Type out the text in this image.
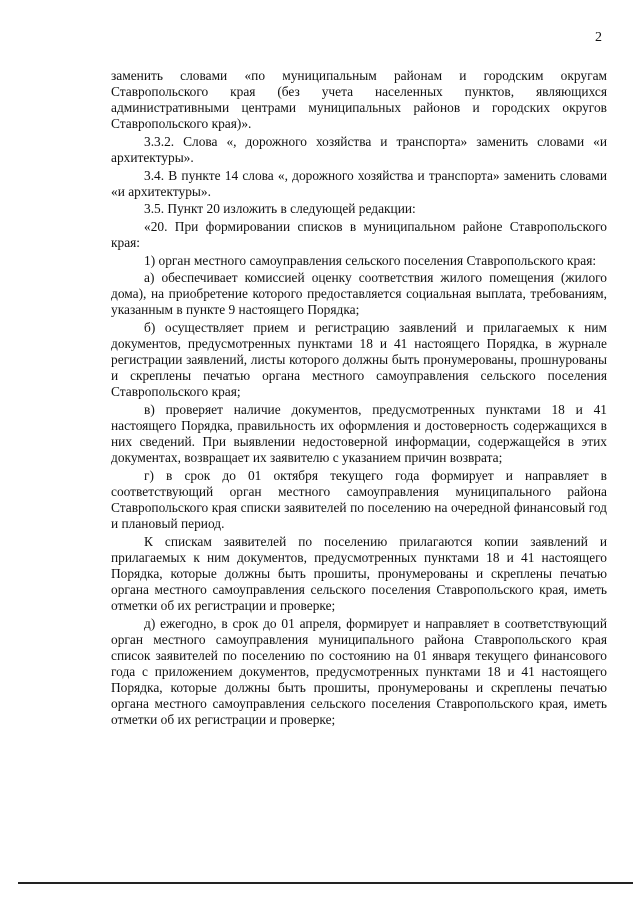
2

заменить словами «по муниципальным районам и городским округам Ставропольского края (без учета населенных пунктов, являющихся административными центрами муниципальных районов и городских округов Ставропольского края)».

3.3.2. Слова «, дорожного хозяйства и транспорта» заменить словами «и архитектуры».

3.4. В пункте 14 слова «, дорожного хозяйства и транспорта» заменить словами «и архитектуры».

3.5. Пункт 20 изложить в следующей редакции:

«20. При формировании списков в муниципальном районе Ставропольского края:

1) орган местного самоуправления сельского поселения Ставропольского края:

а) обеспечивает комиссией оценку соответствия жилого помещения (жилого дома), на приобретение которого предоставляется социальная выплата, требованиям, указанным в пункте 9 настоящего Порядка;

б) осуществляет прием и регистрацию заявлений и прилагаемых к ним документов, предусмотренных пунктами 18 и 41 настоящего Порядка, в журнале регистрации заявлений, листы которого должны быть пронумерованы, прошнурованы и скреплены печатью органа местного самоуправления сельского поселения Ставропольского края;

в) проверяет наличие документов, предусмотренных пунктами 18 и 41 настоящего Порядка, правильность их оформления и достоверность содержащихся в них сведений. При выявлении недостоверной информации, содержащейся в этих документах, возвращает их заявителю с указанием причин возврата;

г) в срок до 01 октября текущего года формирует и направляет в соответствующий орган местного самоуправления муниципального района Ставропольского края списки заявителей по поселению на очередной финансовый год и плановый период.

К спискам заявителей по поселению прилагаются копии заявлений и прилагаемых к ним документов, предусмотренных пунктами 18 и 41 настоящего Порядка, которые должны быть прошиты, пронумерованы и скреплены печатью органа местного самоуправления сельского поселения Ставропольского края, иметь отметки об их регистрации и проверке;

д) ежегодно, в срок до 01 апреля, формирует и направляет в соответствующий орган местного самоуправления муниципального района Ставропольского края список заявителей по поселению по состоянию на 01 января текущего финансового года с приложением документов, предусмотренных пунктами 18 и 41 настоящего Порядка, которые должны быть прошиты, пронумерованы и скреплены печатью органа местного самоуправления сельского поселения Ставропольского края, иметь отметки об их регистрации и проверке;
